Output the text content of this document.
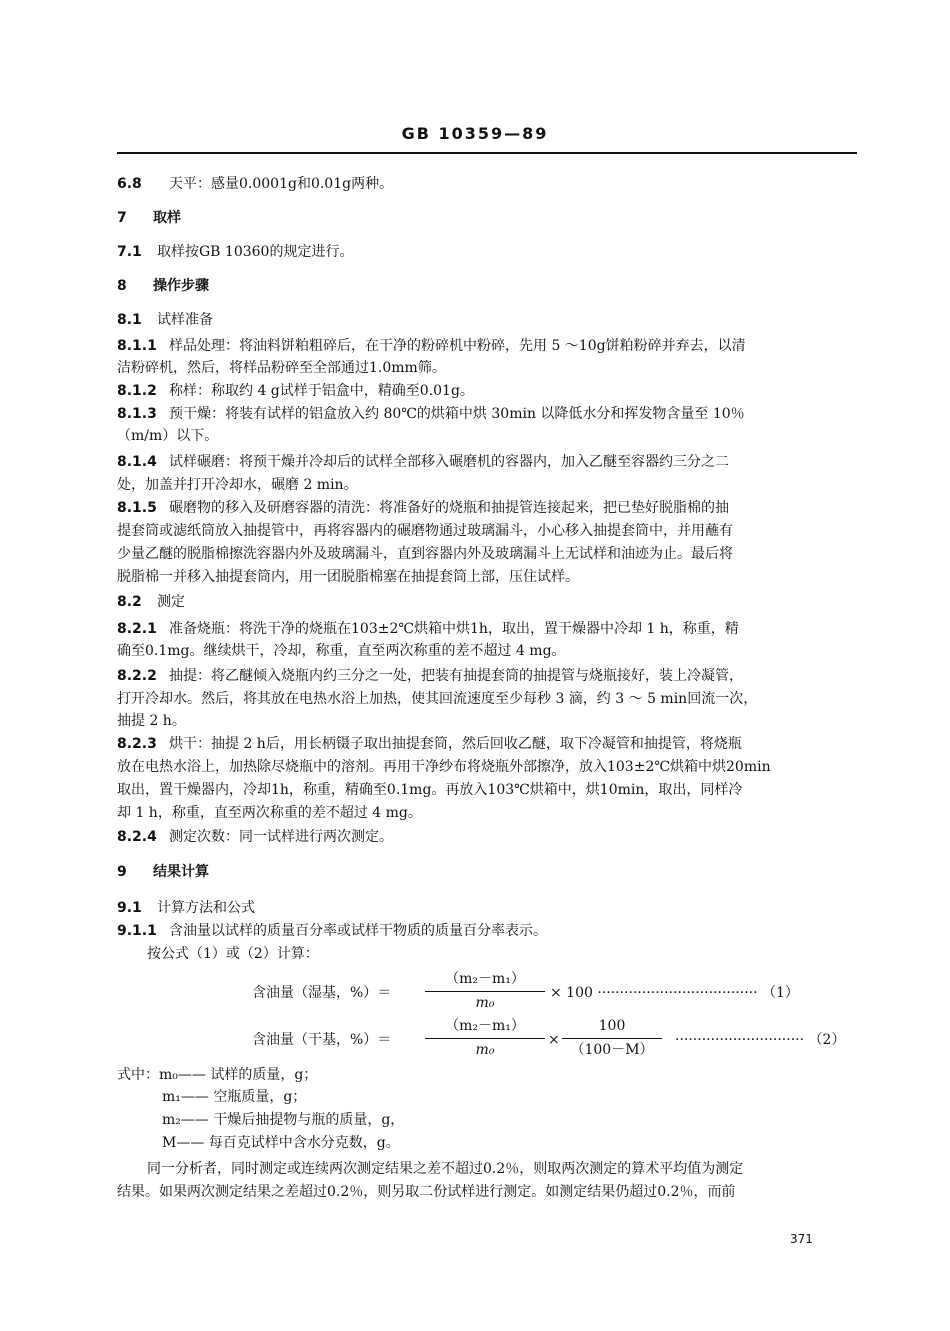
GB 10359—89
6.8 天平：感量0.0001g和0.01g两种。
7 取样
7.1 取样按GB 10360的规定进行。
8 操作步骤
8.1 试样准备
8.1.1 样品处理：将油料饼粕粗碎后，在干净的粉碎机中粉碎，先用 5 ～10g饼粕粉碎并弃去，以清
洁粉碎机，然后，将样品粉碎至全部通过1.0mm筛。
8.1.2 称样：称取约 4 g试样于铝盒中，精确至0.01g。
8.1.3 预干燥：将装有试样的铝盒放入约 80℃的烘箱中烘 30min 以降低水分和挥发物含量至 10％
（m/m）以下。
8.1.4 试样碾磨：将预干燥并冷却后的试样全部移入碾磨机的容器内，加入乙醚至容器约三分之二
处，加盖并打开冷却水，碾磨 2 min。
8.1.5 碾磨物的移入及研磨容器的清洗：将准备好的烧瓶和抽提管连接起来，把已垫好脱脂棉的抽
提套筒或滤纸筒放入抽提管中，再将容器内的碾磨物通过玻璃漏斗，小心移入抽提套筒中，并用蘸有
少量乙醚的脱脂棉擦洗容器内外及玻璃漏斗，直到容器内外及玻璃漏斗上无试样和油迹为止。最后将
脱脂棉一并移入抽提套筒内，用一团脱脂棉塞在抽提套筒上部，压住试样。
8.2 测定
8.2.1 准备烧瓶：将洗干净的烧瓶在103±2℃烘箱中烘1h，取出，置干燥器中冷却 1 h，称重，精
确至0.1mg。继续烘干，冷却，称重，直至两次称重的差不超过 4 mg。
8.2.2 抽提：将乙醚倾入烧瓶内约三分之一处，把装有抽提套筒的抽提管与烧瓶接好，装上冷凝管，
打开冷却水。然后，将其放在电热水浴上加热，使其回流速度至少每秒 3 滴，约 3 ～ 5 min回流一次，
抽提 2 h。
8.2.3 烘干：抽提 2 h后，用长柄镊子取出抽提套筒，然后回收乙醚，取下冷凝管和抽提管，将烧瓶
放在电热水浴上，加热除尽烧瓶中的溶剂。再用干净纱布将烧瓶外部擦净，放入103±2℃烘箱中烘20min
取出，置干燥器内，冷却1h，称重，精确至0.1mg。再放入103℃烘箱中，烘10min，取出，同样冷
却 1 h，称重，直至两次称重的差不超过 4 mg。
8.2.4 测定次数：同一试样进行两次测定。
9 结果计算
9.1 计算方法和公式
9.1.1 含油量以试样的质量百分率或试样干物质的质量百分率表示。
按公式（1）或（2）计算：
含油量（湿基，%）＝
（m₂－m₁）
m₀
× 100 ···································· （1）
含油量（干基，%）＝
（m₂－m₁）
m₀
×
100
（100－M）
····························· （2）
式中：m₀—— 试样的质量，g；
m₁—— 空瓶质量，g；
m₂—— 干燥后抽提物与瓶的质量，g，
M—— 每百克试样中含水分克数，g。
同一分析者，同时测定或连续两次测定结果之差不超过0.2％，则取两次测定的算术平均值为测定
结果。如果两次测定结果之差超过0.2％，则另取二份试样进行测定。如测定结果仍超过0.2％，而前
371
